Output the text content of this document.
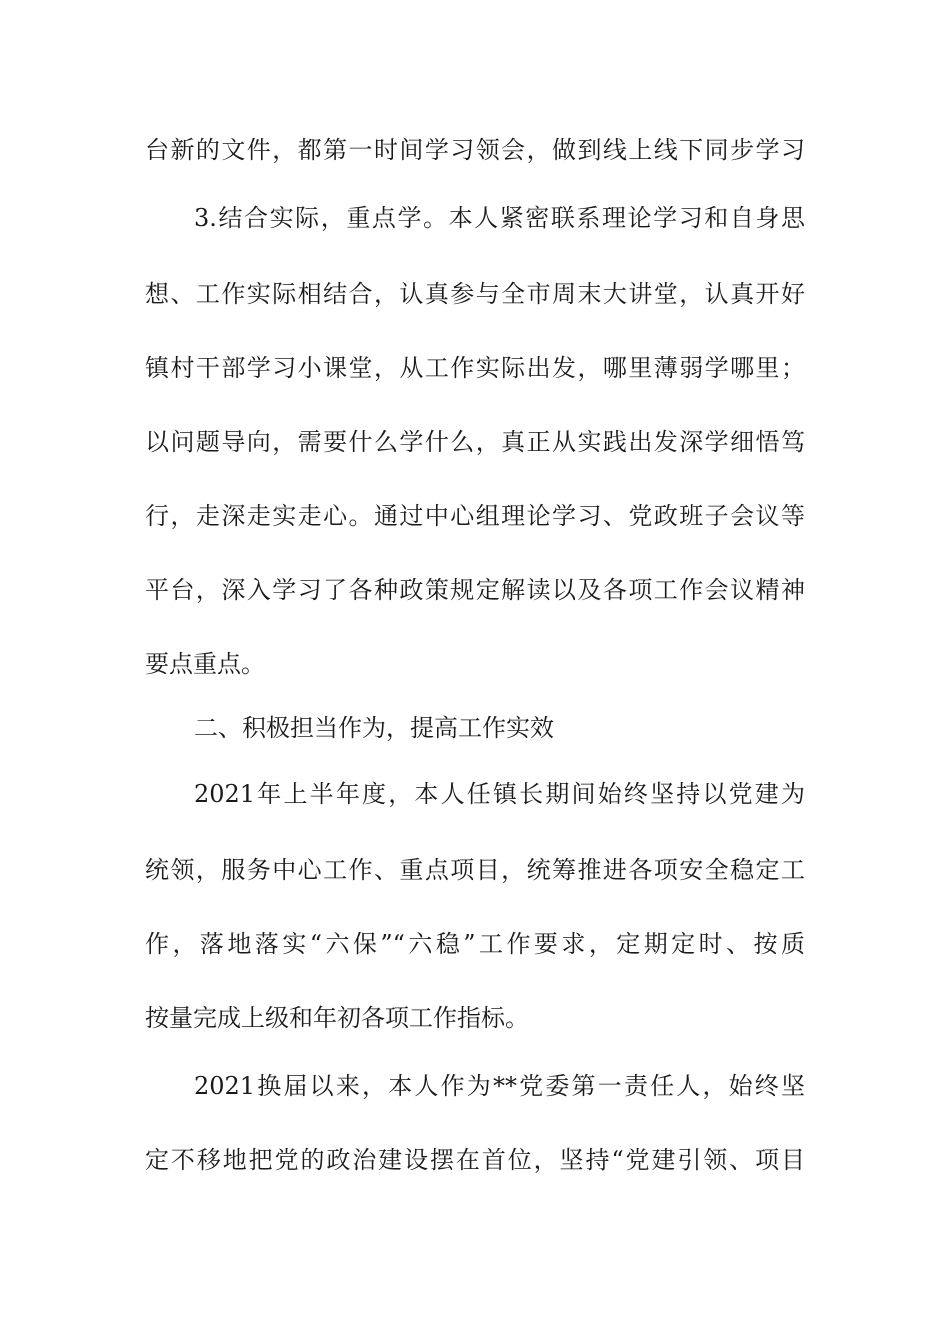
台新的文件，都第一时间学习领会，做到线上线下同步学习
3.结合实际，重点学。本人紧密联系理论学习和自身思
想、工作实际相结合，认真参与全市周末大讲堂，认真开好
镇村干部学习小课堂，从工作实际出发，哪里薄弱学哪里；
以问题导向，需要什么学什么，真正从实践出发深学细悟笃
行，走深走实走心。通过中心组理论学习、党政班子会议等
平台，深入学习了各种政策规定解读以及各项工作会议精神
要点重点。
二、积极担当作为，提高工作实效
2021年上半年度，本人任镇长期间始终坚持以党建为
统领，服务中心工作、重点项目，统筹推进各项安全稳定工
作，落地落实“六保”“六稳”工作要求，定期定时、按质
按量完成上级和年初各项工作指标。
2021换届以来，本人作为**党委第一责任人，始终坚
定不移地把党的政治建设摆在首位，坚持“党建引领、项目
